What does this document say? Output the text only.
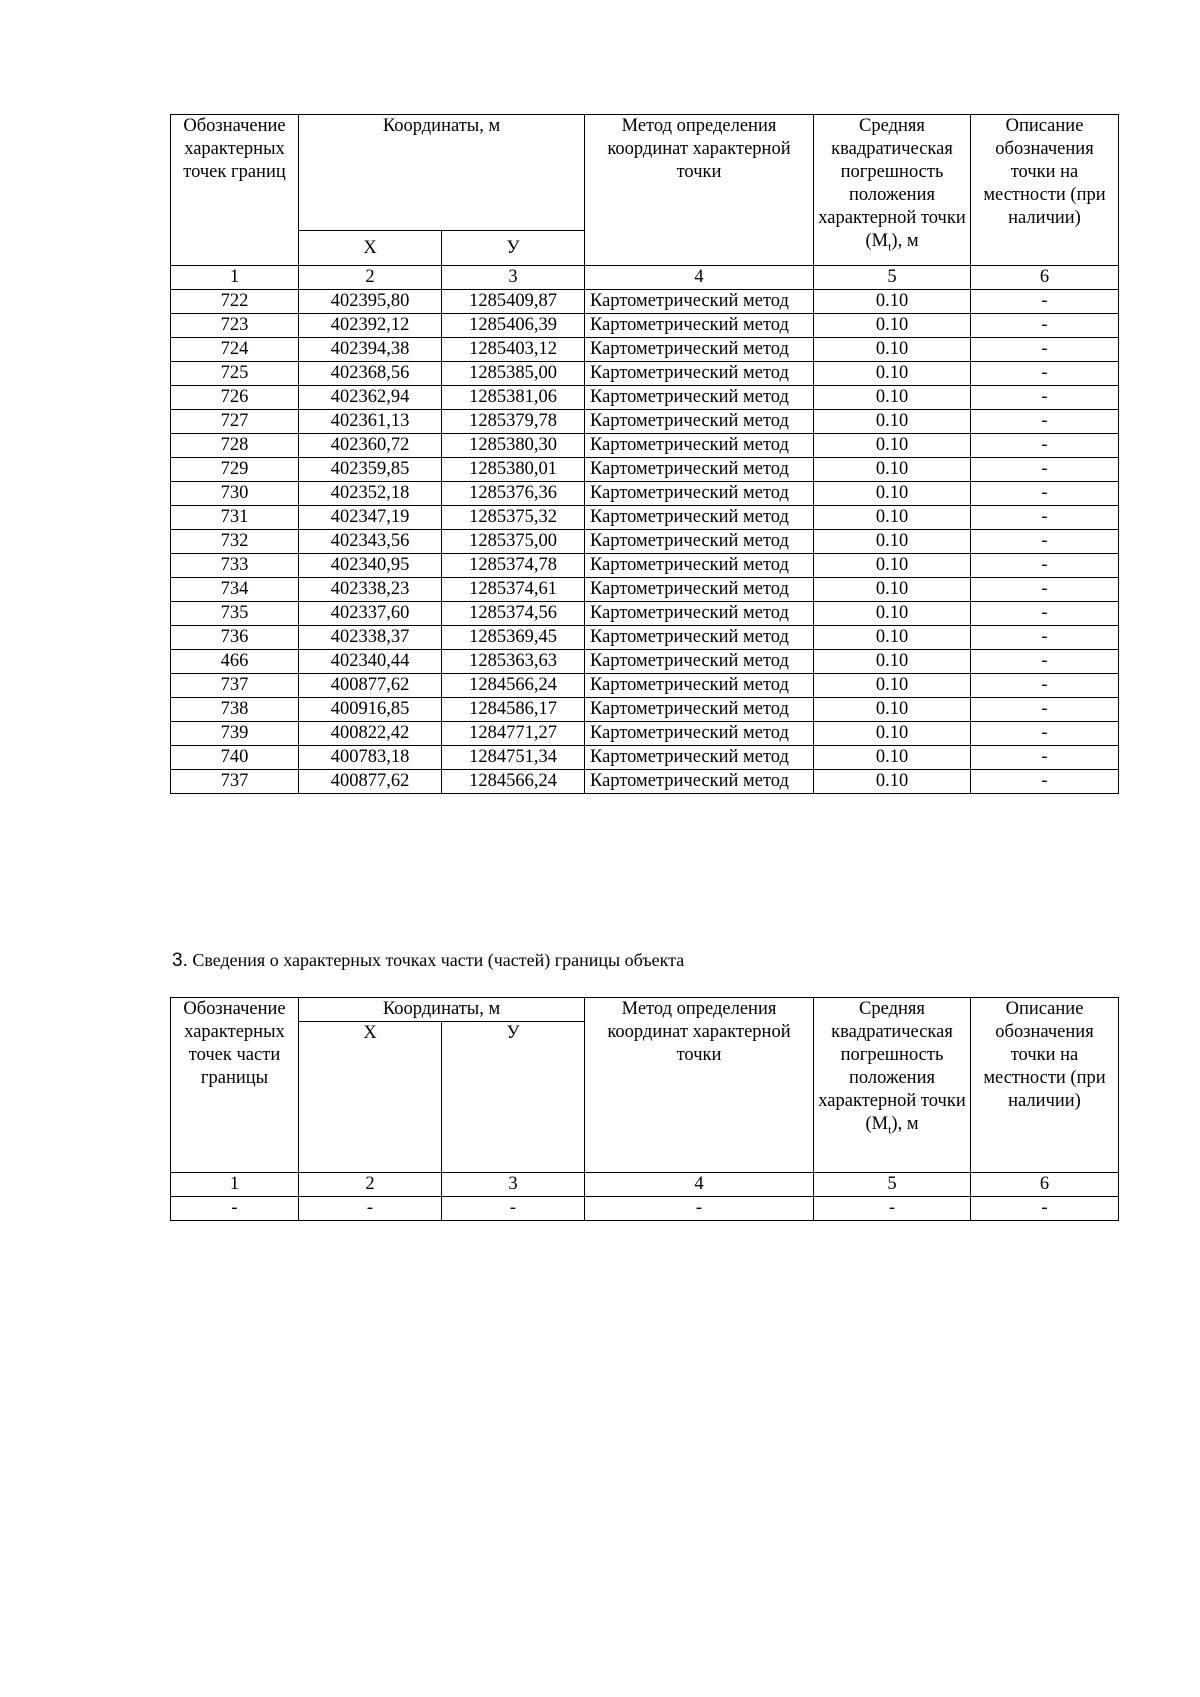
Обозначение характерных точек границ	Координаты, м		Метод определения координат характерной точки	Средняя квадратическая погрешность положения характерной точки $(M_t)$, м	Описание обозначения точки на местности (при наличии)
	X	У			
1	2	3	4	5	6
722	402395,80	1285409,87	Картометрический метод	0.10	-
723	402392,12	1285406,39	Картометрический метод	0.10	-
724	402394,38	1285403,12	Картометрический метод	0.10	-
725	402368,56	1285385,00	Картометрический метод	0.10	-
726	402362,94	1285381,06	Картометрический метод	0.10	-
727	402361,13	1285379,78	Картометрический метод	0.10	-
728	402360,72	1285380,30	Картометрический метод	0.10	-
729	402359,85	1285380,01	Картометрический метод	0.10	-
730	402352,18	1285376,36	Картометрический метод	0.10	-
731	402347,19	1285375,32	Картометрический метод	0.10	-
732	402343,56	1285375,00	Картометрический метод	0.10	-
733	402340,95	1285374,78	Картометрический метод	0.10	-
734	402338,23	1285374,61	Картометрический метод	0.10	-
735	402337,60	1285374,56	Картометрический метод	0.10	-
736	402338,37	1285369,45	Картометрический метод	0.10	-
466	402340,44	1285363,63	Картометрический метод	0.10	-
737	400877,62	1284566,24	Картометрический метод	0.10	-
738	400916,85	1284586,17	Картометрический метод	0.10	-
739	400822,42	1284771,27	Картометрический метод	0.10	-
740	400783,18	1284751,34	Картометрический метод	0.10	-
737	400877,62	1284566,24	Картометрический метод	0.10	-
3. Сведения о характерных точках части (частей) границы объекта
Обозначение характерных точек части границы	Координаты, м		Метод определения координат характерной точки	Средняя квадратическая погрешность положения характерной точки $(M_t)$, м	Описание обозначения точки на местности (при наличии)
	X	У			
1	2	3	4	5	6
-	-	-	-	-	-
